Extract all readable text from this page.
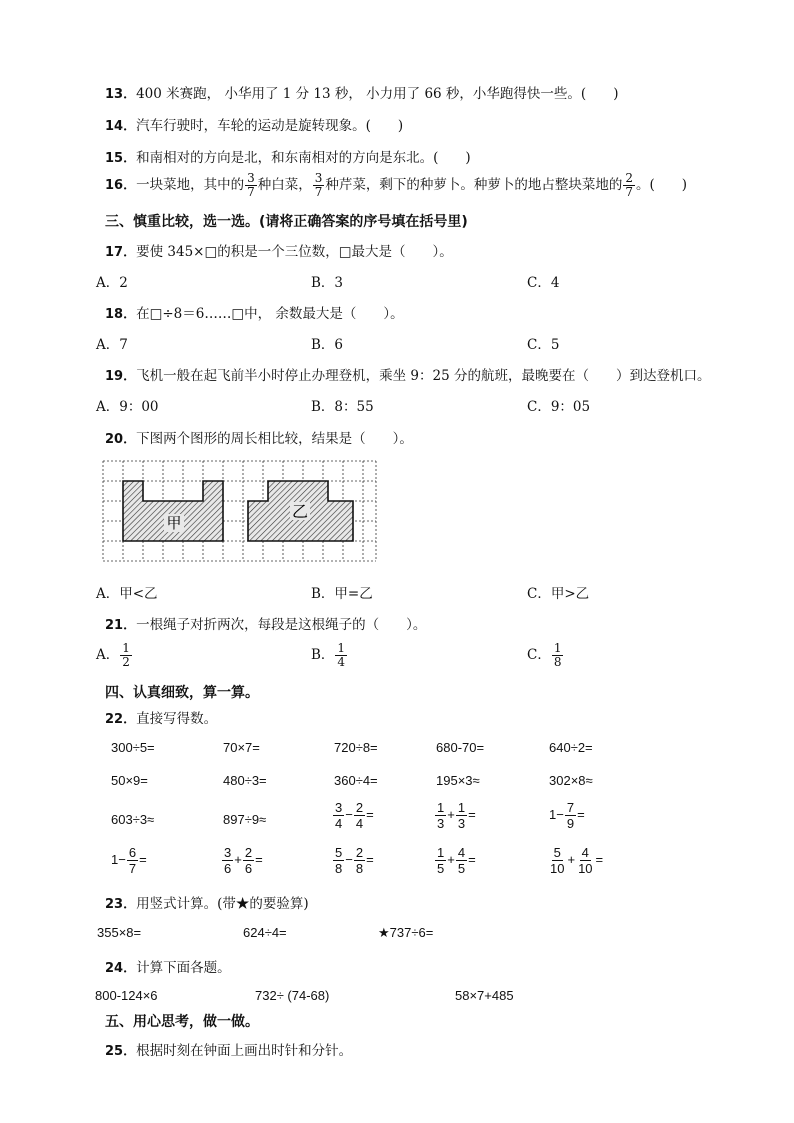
13．400 米赛跑， 小华用了 1 分 13 秒， 小力用了 66 秒，小华跑得快一些。(　　)
14．汽车行驶时，车轮的运动是旋转现象。(　　)
15．和南相对的方向是北，和东南相对的方向是东北。(　　)
16．一块菜地，其中的 $\frac{3}{7}$ 种白菜， $\frac{3}{7}$ 种芹菜，剩下的种萝卜。种萝卜的地占整块菜地的 $\frac{2}{7}$ 。(　　)
三、慎重比较，选一选。(请将正确答案的序号填在括号里)
17．要使 345×□的积是一个三位数，□最大是（　　）。
A．2	B．3	C．4
18．在□÷8＝6……□中， 余数最大是（　　）。
A．7	B．6	C．5
19．飞机一般在起飞前半小时停止办理登机，乘坐 9：25 分的航班，最晚要在（　　）到达登机口。
A．9：00	B．8：55	C．9：05
20．下图两个图形的周长相比较，结果是（　　）。
甲
乙
A．甲<乙	B．甲=乙	C．甲>乙
21．一根绳子对折两次，每段是这根绳子的（　　）。
A． $\frac{1}{2}$	B． $\frac{1}{4}$	C． $\frac{1}{8}$
四、认真细致，算一算。
22．直接写得数。
300÷5=	70×7=	720÷8=	680-70=	640÷2=
50×9=	480÷3=	360÷4=	195×3≈	302×8≈
603÷3≈	897÷9≈	$\frac{3}{4} - \frac{2}{4}$ =	$\frac{1}{3} + \frac{1}{3}$ =	$1- \frac{7}{9}$ =
$1- \frac{6}{7}$ =	$\frac{3}{6} + \frac{2}{6}$ =	$\frac{5}{8} - \frac{2}{8}$ =	$\frac{1}{5} + \frac{4}{5}$ =	$\frac{5}{10} + \frac{4}{10}$ =
23．用竖式计算。(带★的要验算)
355×8=	624÷4=	★737÷6=
24．计算下面各题。
800-124×6	732÷ (74-68)	58×7+485
五、用心思考，做一做。
25．根据时刻在钟面上画出时针和分针。
